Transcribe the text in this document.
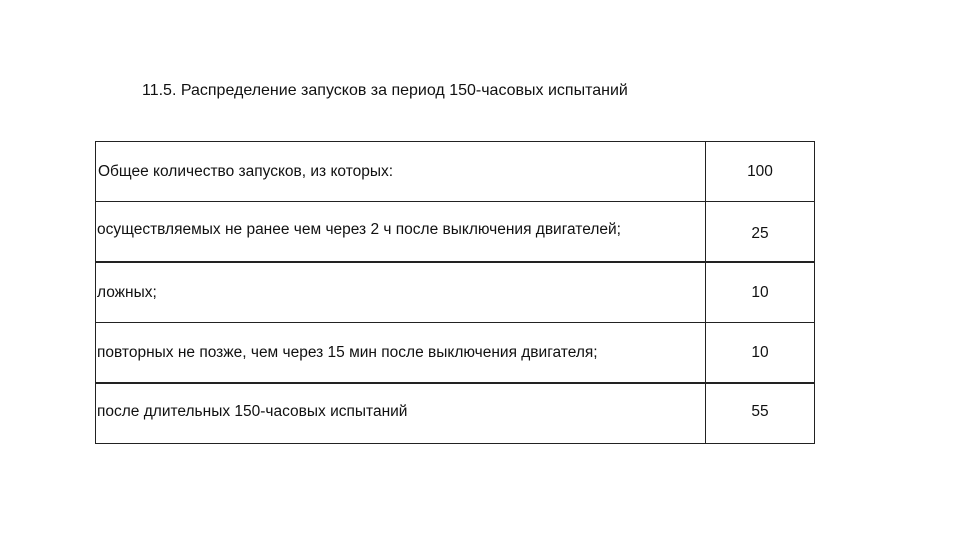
11.5. Распределение запусков за период 150-часовых испытаний
Общее количество запусков, из которых:	100
осуществляемых не ранее чем через 2 ч после выключения двигателей;	25
ложных;	10
повторных не позже, чем через 15 мин после выключения двигателя;	10
после длительных 150-часовых испытаний	55
